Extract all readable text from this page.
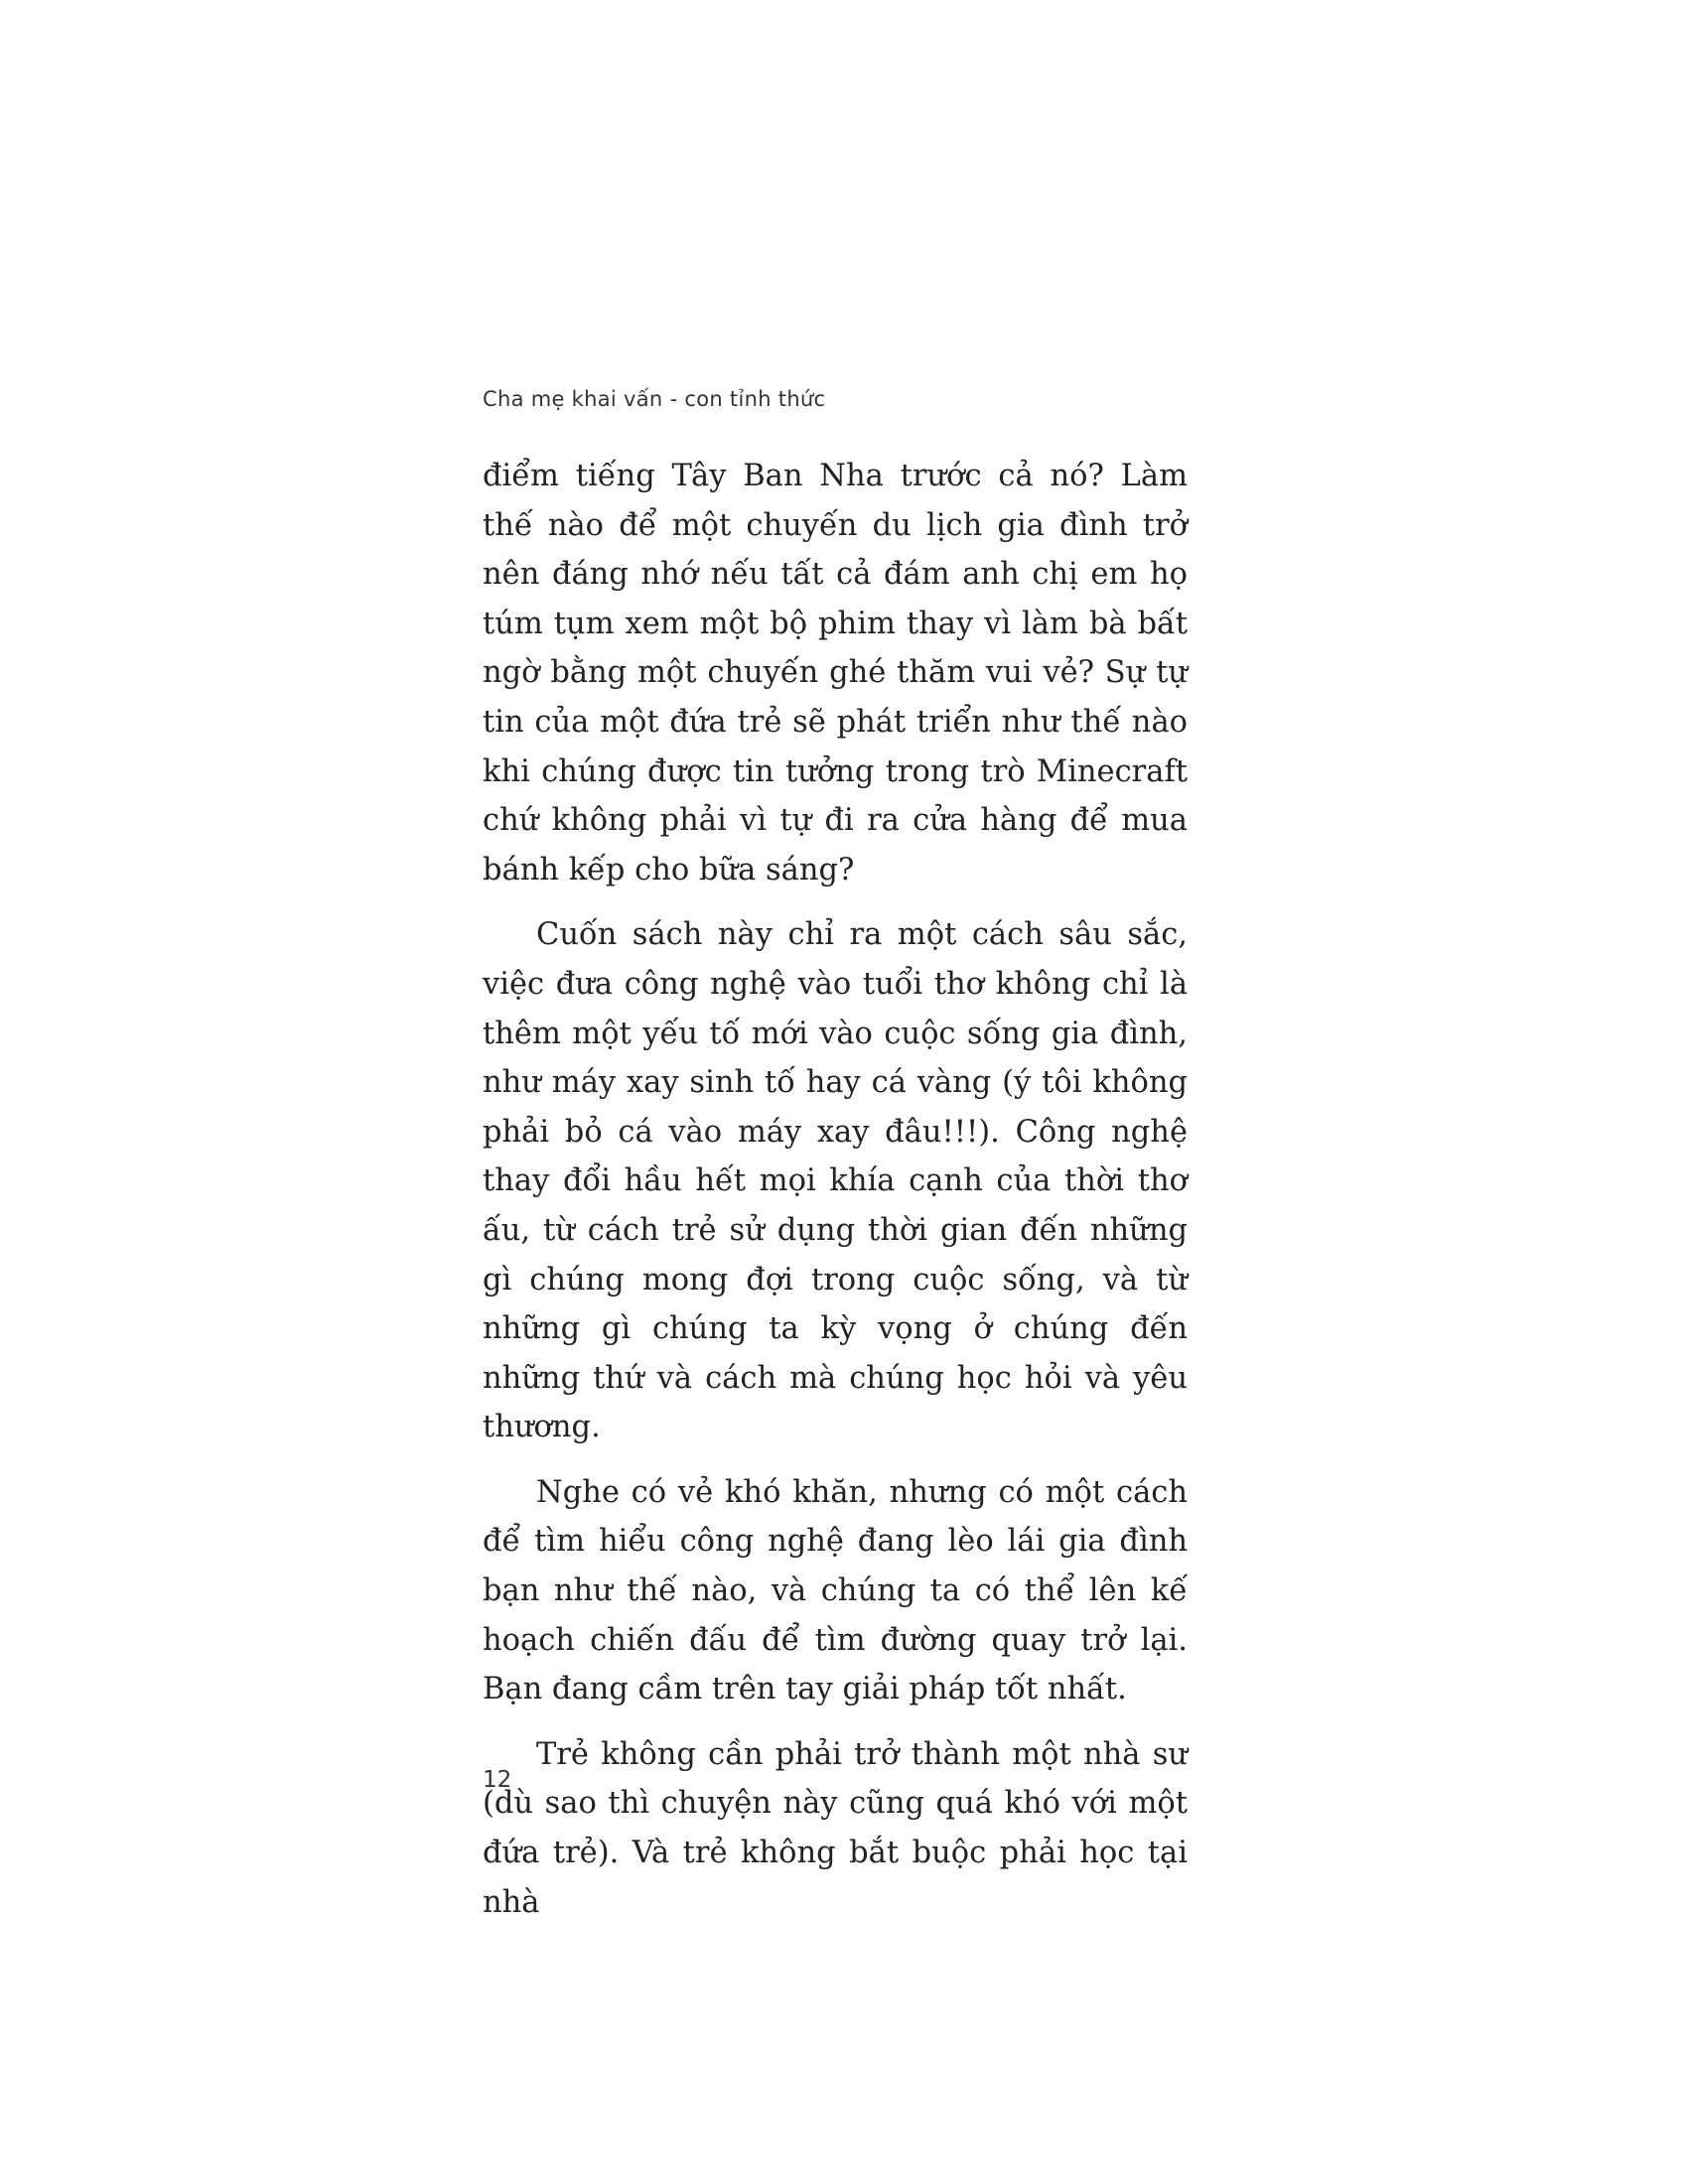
Cha mẹ khai vấn - con tỉnh thức

điểm tiếng Tây Ban Nha trước cả nó? Làm thế nào để một chuyến du lịch gia đình trở nên đáng nhớ nếu tất cả đám anh chị em họ túm tụm xem một bộ phim thay vì làm bà bất ngờ bằng một chuyến ghé thăm vui vẻ? Sự tự tin của một đứa trẻ sẽ phát triển như thế nào khi chúng được tin tưởng trong trò Minecraft chứ không phải vì tự đi ra cửa hàng để mua bánh kếp cho bữa sáng?

Cuốn sách này chỉ ra một cách sâu sắc, việc đưa công nghệ vào tuổi thơ không chỉ là thêm một yếu tố mới vào cuộc sống gia đình, như máy xay sinh tố hay cá vàng (ý tôi không phải bỏ cá vào máy xay đâu!!!). Công nghệ thay đổi hầu hết mọi khía cạnh của thời thơ ấu, từ cách trẻ sử dụng thời gian đến những gì chúng mong đợi trong cuộc sống, và từ những gì chúng ta kỳ vọng ở chúng đến những thứ và cách mà chúng học hỏi và yêu thương.

Nghe có vẻ khó khăn, nhưng có một cách để tìm hiểu công nghệ đang lèo lái gia đình bạn như thế nào, và chúng ta có thể lên kế hoạch chiến đấu để tìm đường quay trở lại. Bạn đang cầm trên tay giải pháp tốt nhất.

Trẻ không cần phải trở thành một nhà sư (dù sao thì chuyện này cũng quá khó với một đứa trẻ). Và trẻ không bắt buộc phải học tại nhà

12
